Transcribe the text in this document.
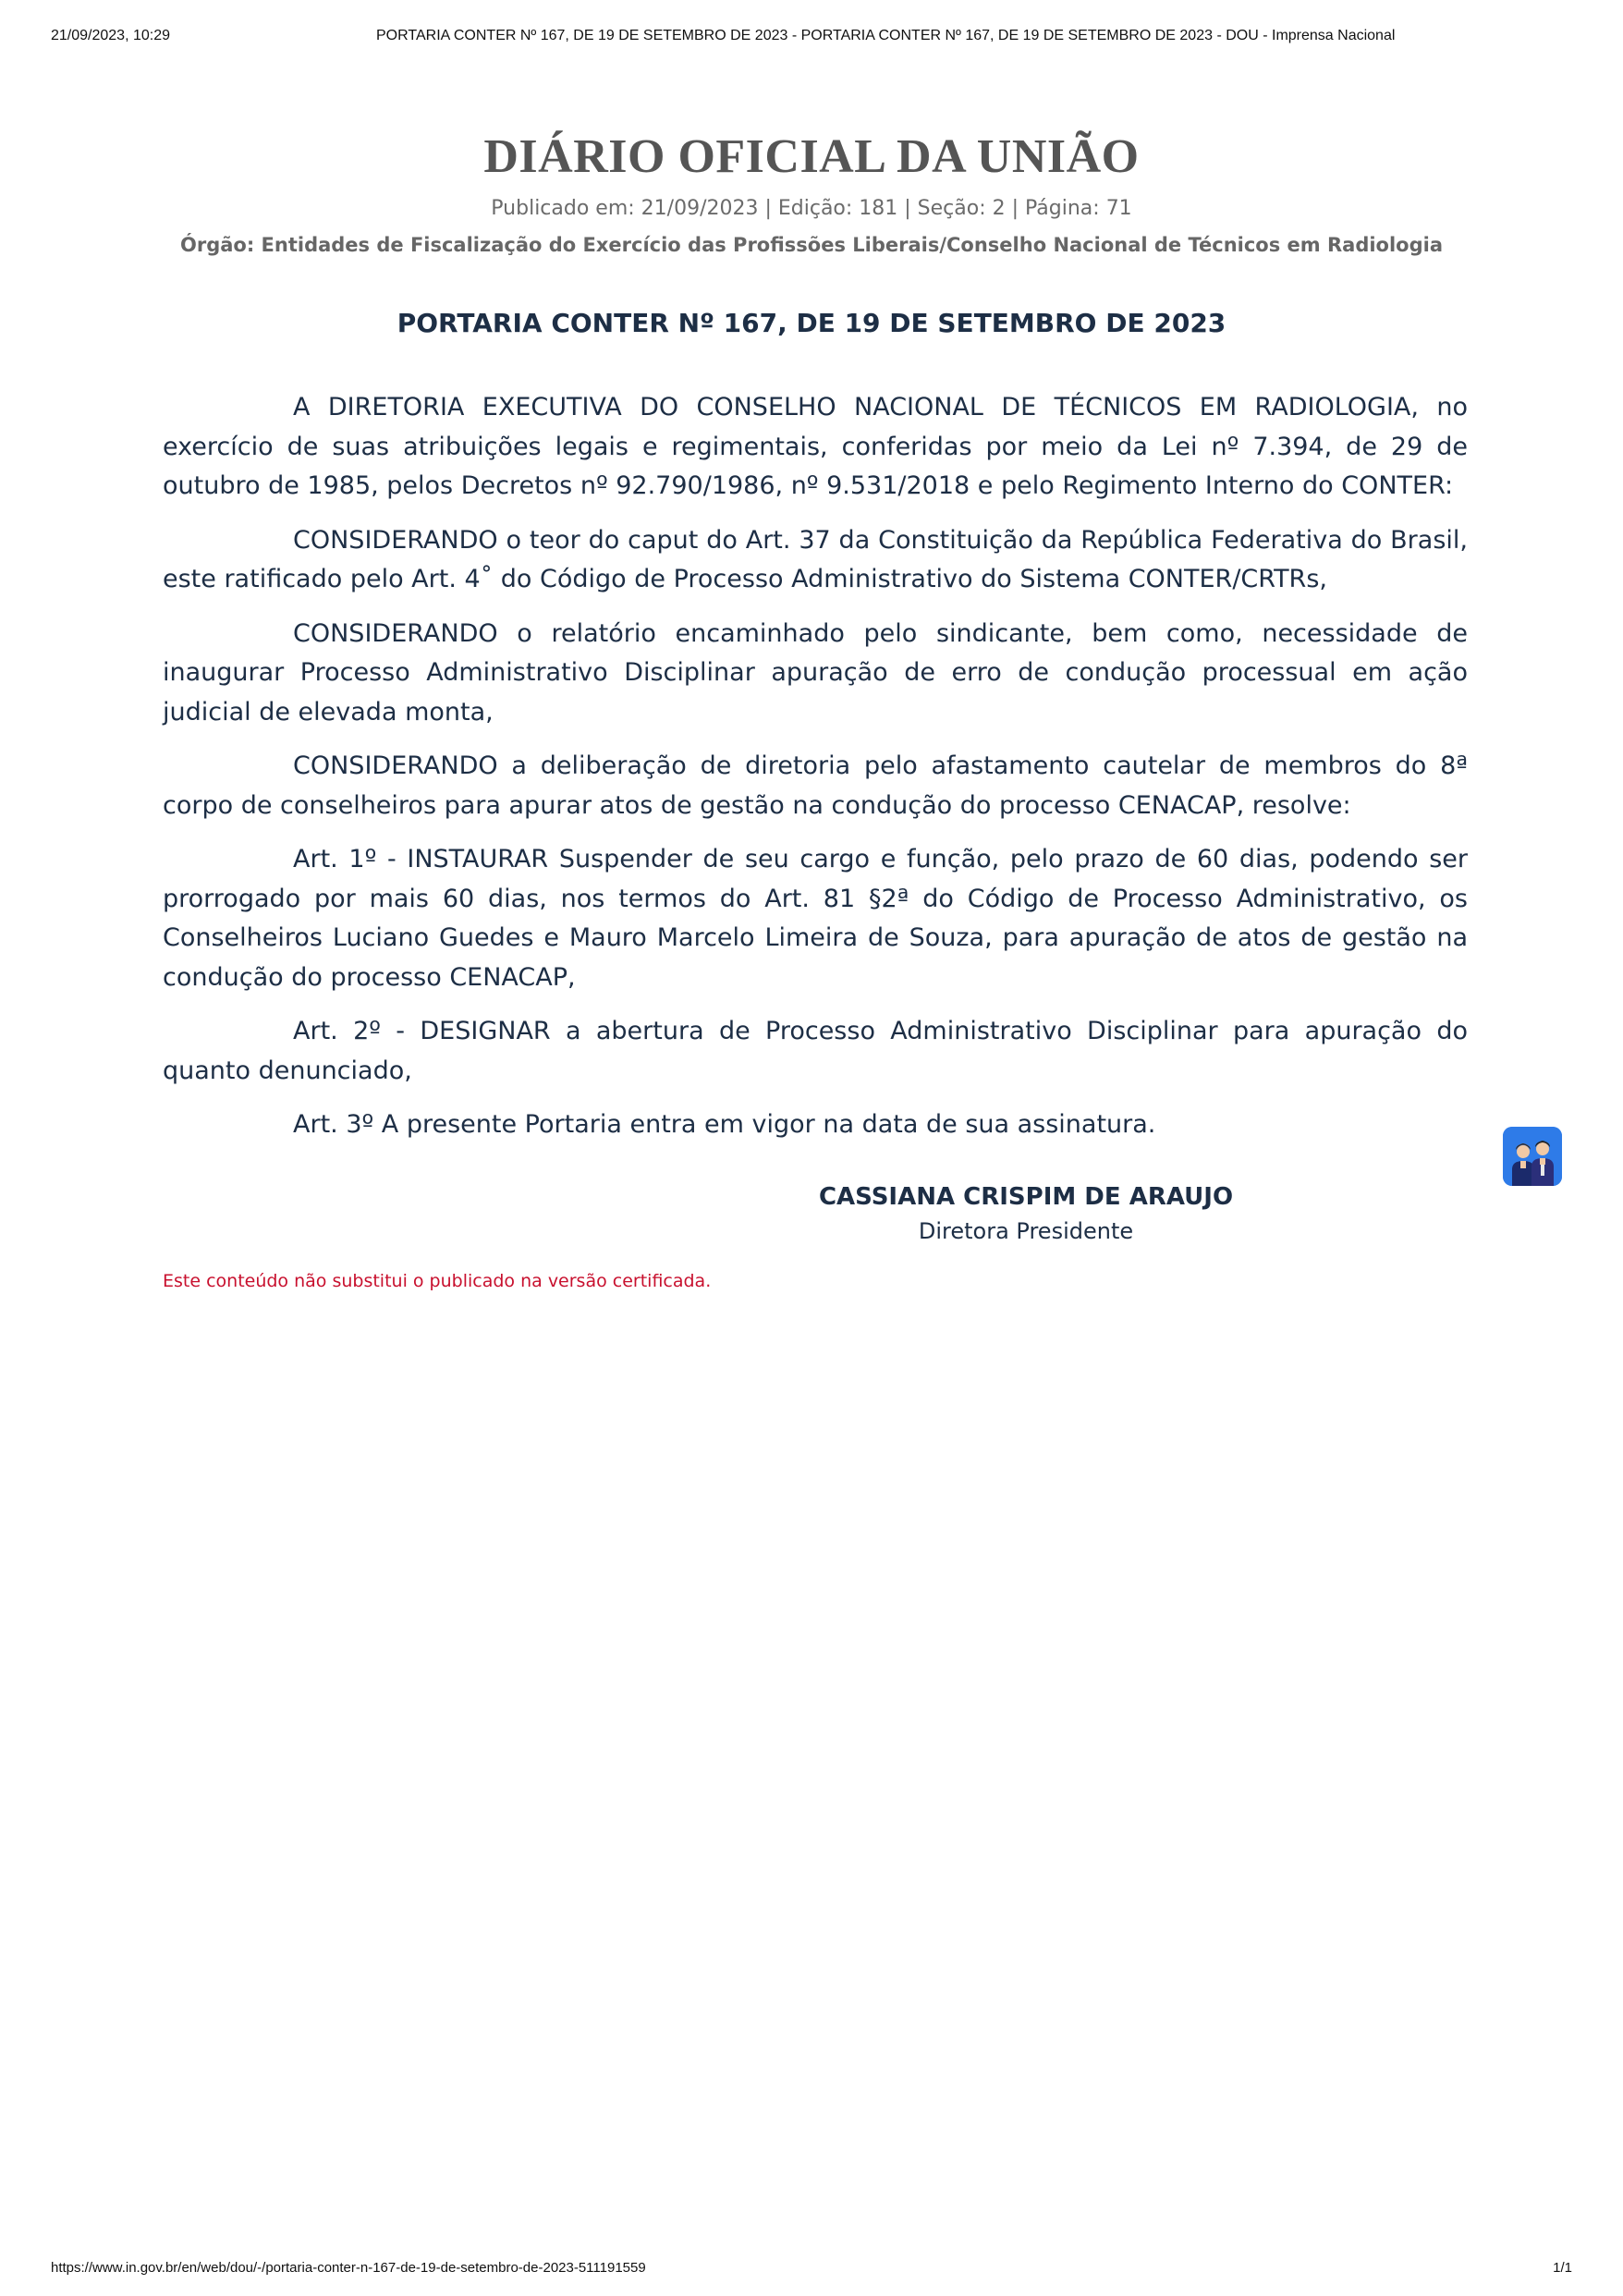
21/09/2023, 10:29	PORTARIA CONTER Nº 167, DE 19 DE SETEMBRO DE 2023 - PORTARIA CONTER Nº 167, DE 19 DE SETEMBRO DE 2023 - DOU - Imprensa Nacional
DIÁRIO OFICIAL DA UNIÃO
Publicado em: 21/09/2023 | Edição: 181 | Seção: 2 | Página: 71
Órgão: Entidades de Fiscalização do Exercício das Profissões Liberais/Conselho Nacional de Técnicos em Radiologia
PORTARIA CONTER Nº 167, DE 19 DE SETEMBRO DE 2023

A DIRETORIA EXECUTIVA DO CONSELHO NACIONAL DE TÉCNICOS EM RADIOLOGIA, no exercício de suas atribuições legais e regimentais, conferidas por meio da Lei nº 7.394, de 29 de outubro de 1985, pelos Decretos nº 92.790/1986, nº 9.531/2018 e pelo Regimento Interno do CONTER:

CONSIDERANDO o teor do caput do Art. 37 da Constituição da República Federativa do Brasil, este ratificado pelo Art. 4˚ do Código de Processo Administrativo do Sistema CONTER/CRTRs,

CONSIDERANDO o relatório encaminhado pelo sindicante, bem como, necessidade de inaugurar Processo Administrativo Disciplinar apuração de erro de condução processual em ação judicial de elevada monta,

CONSIDERANDO a deliberação de diretoria pelo afastamento cautelar de membros do 8ª corpo de conselheiros para apurar atos de gestão na condução do processo CENACAP, resolve:

Art. 1º - INSTAURAR Suspender de seu cargo e função, pelo prazo de 60 dias, podendo ser prorrogado por mais 60 dias, nos termos do Art. 81 §2ª do Código de Processo Administrativo, os Conselheiros Luciano Guedes e Mauro Marcelo Limeira de Souza, para apuração de atos de gestão na condução do processo CENACAP,

Art. 2º - DESIGNAR a abertura de Processo Administrativo Disciplinar para apuração do quanto denunciado,

Art. 3º A presente Portaria entra em vigor na data de sua assinatura.

CASSIANA CRISPIM DE ARAUJO
Diretora Presidente
Este conteúdo não substitui o publicado na versão certificada.
https://www.in.gov.br/en/web/dou/-/portaria-conter-n-167-de-19-de-setembro-de-2023-511191559	1/1
